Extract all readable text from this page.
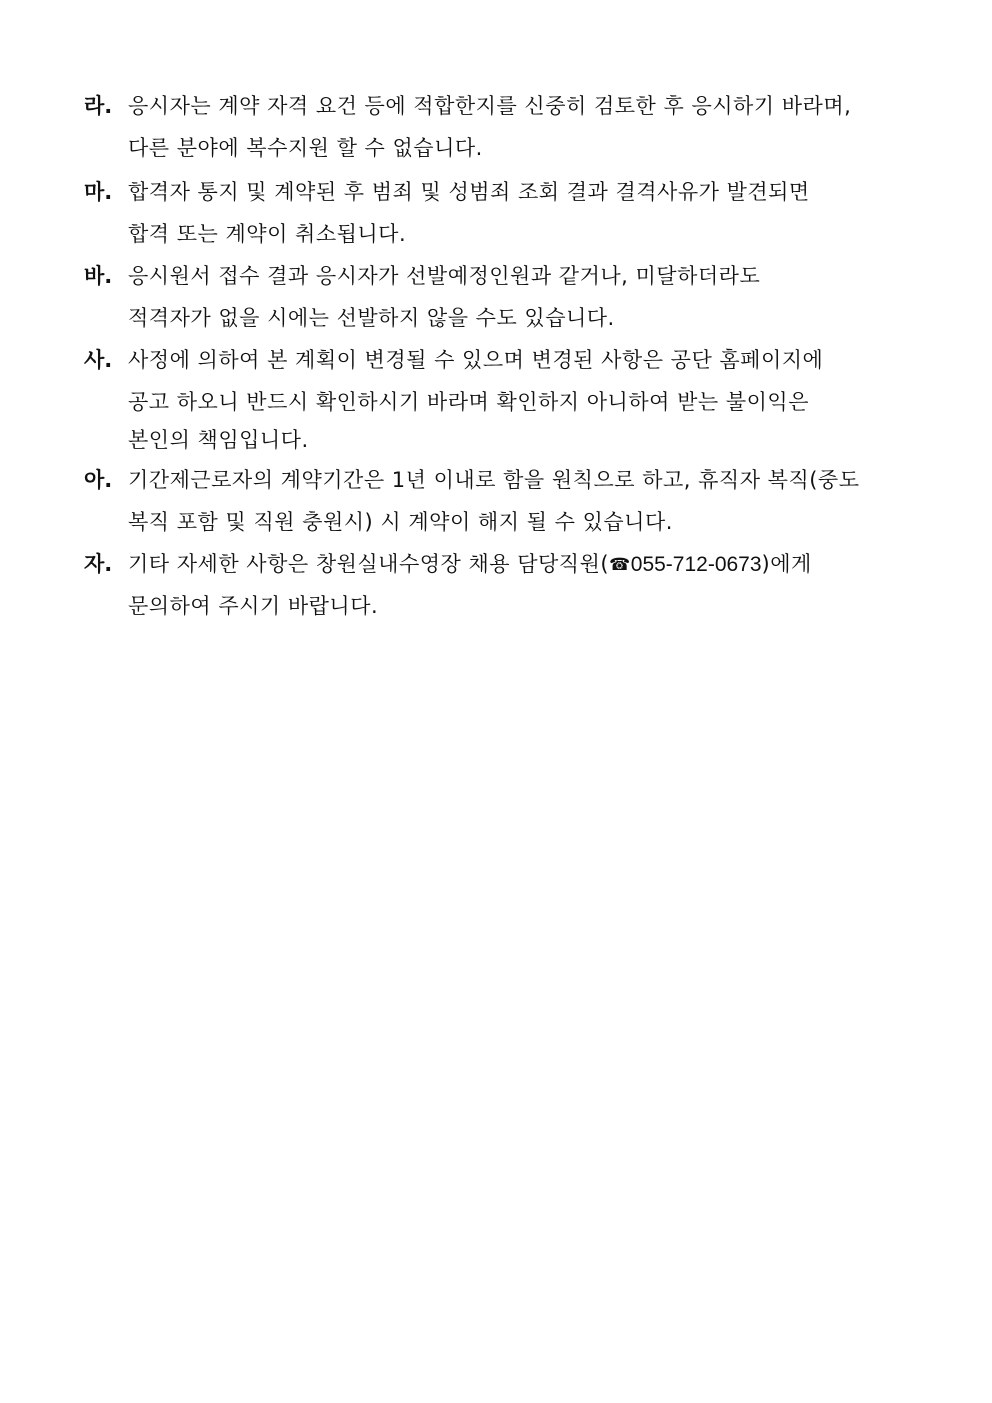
라. 응시자는 계약 자격 요건 등에 적합한지를 신중히 검토한 후 응시하기 바라며,
다른 분야에 복수지원 할 수 없습니다.
마. 합격자 통지 및 계약된 후 범죄 및 성범죄 조회 결과 결격사유가 발견되면
합격 또는 계약이 취소됩니다.
바. 응시원서 접수 결과 응시자가 선발예정인원과 같거나, 미달하더라도
적격자가 없을 시에는 선발하지 않을 수도 있습니다.
사. 사정에 의하여 본 계획이 변경될 수 있으며 변경된 사항은 공단 홈페이지에
공고 하오니 반드시 확인하시기 바라며 확인하지 아니하여 받는 불이익은
본인의 책임입니다.
아. 기간제근로자의 계약기간은 1년 이내로 함을 원칙으로 하고, 휴직자 복직(중도
복직 포함 및 직원 충원시) 시 계약이 해지 될 수 있습니다.
자. 기타 자세한 사항은 창원실내수영장 채용 담당직원(☎055-712-0673)에게
문의하여 주시기 바랍니다.
